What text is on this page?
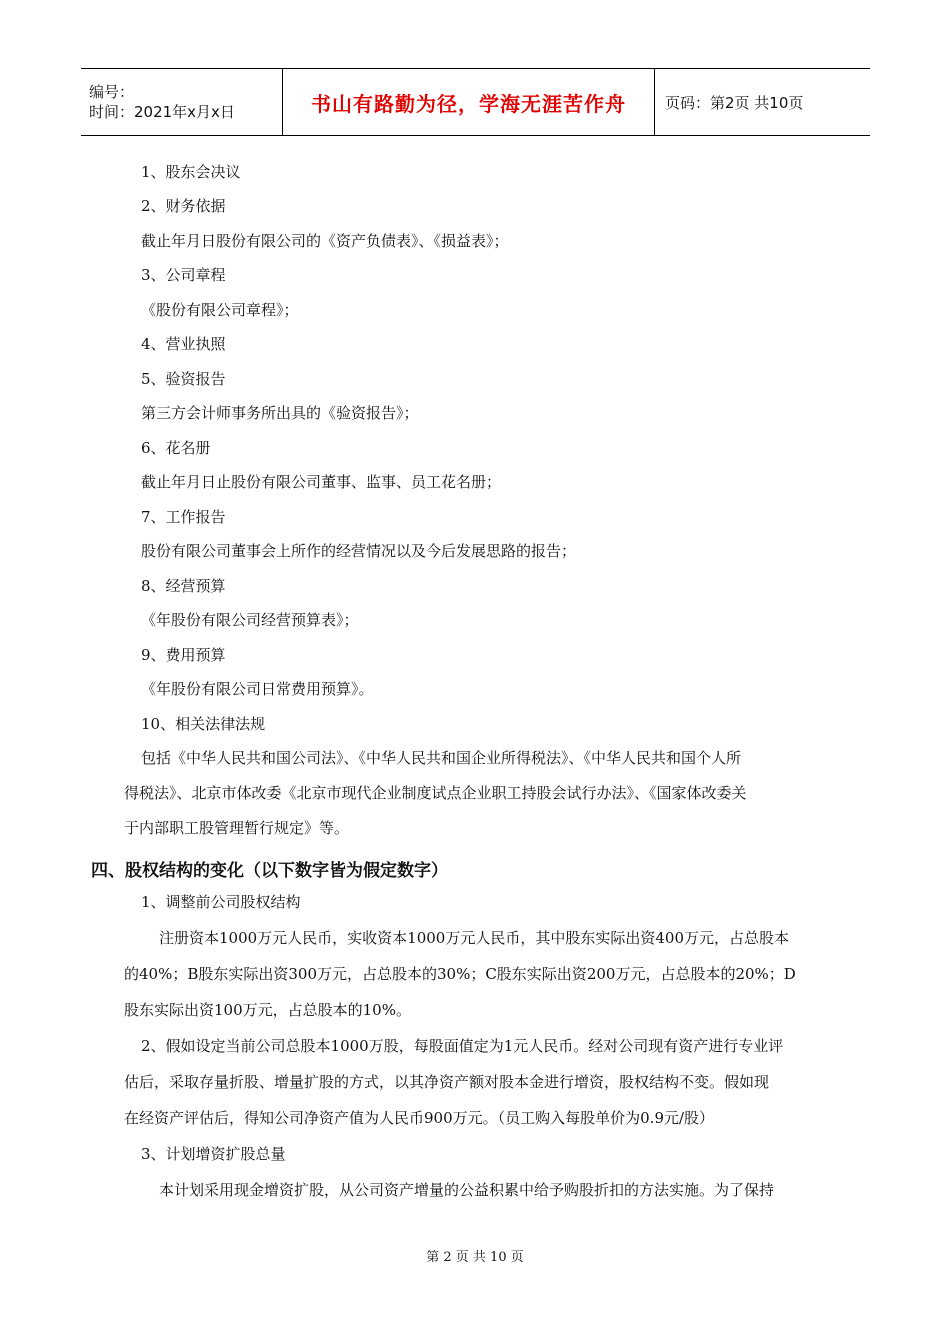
编号：
时间：2021年x月x日	书山有路勤为径，学海无涯苦作舟	页码：第2页 共10页
1、股东会决议
2、财务依据
截止年月日股份有限公司的《资产负债表》、《损益表》；
3、公司章程
《股份有限公司章程》；
4、营业执照
5、验资报告
第三方会计师事务所出具的《验资报告》；
6、花名册
截止年月日止股份有限公司董事、监事、员工花名册；
7、工作报告
股份有限公司董事会上所作的经营情况以及今后发展思路的报告；
8、经营预算
《年股份有限公司经营预算表》；
9、费用预算
《年股份有限公司日常费用预算》。
10、相关法律法规
包括《中华人民共和国公司法》、《中华人民共和国企业所得税法》、《中华人民共和国个人所
得税法》、北京市体改委《北京市现代企业制度试点企业职工持股会试行办法》、《国家体改委关
于内部职工股管理暂行规定》等。
四、股权结构的变化（以下数字皆为假定数字）
1、调整前公司股权结构
注册资本1000万元人民币，实收资本1000万元人民币，其中股东实际出资400万元，占总股本
的40%；B股东实际出资300万元，占总股本的30%；C股东实际出资200万元，占总股本的20%；D
股东实际出资100万元，占总股本的10%。
2、假如设定当前公司总股本1000万股，每股面值定为1元人民币。经对公司现有资产进行专业评
估后，采取存量折股、增量扩股的方式，以其净资产额对股本金进行增资，股权结构不变。假如现
在经资产评估后，得知公司净资产值为人民币900万元。（员工购入每股单价为0.9元/股）
3、计划增资扩股总量
本计划采用现金增资扩股，从公司资产增量的公益积累中给予购股折扣的方法实施。为了保持
第 2 页 共 10 页
